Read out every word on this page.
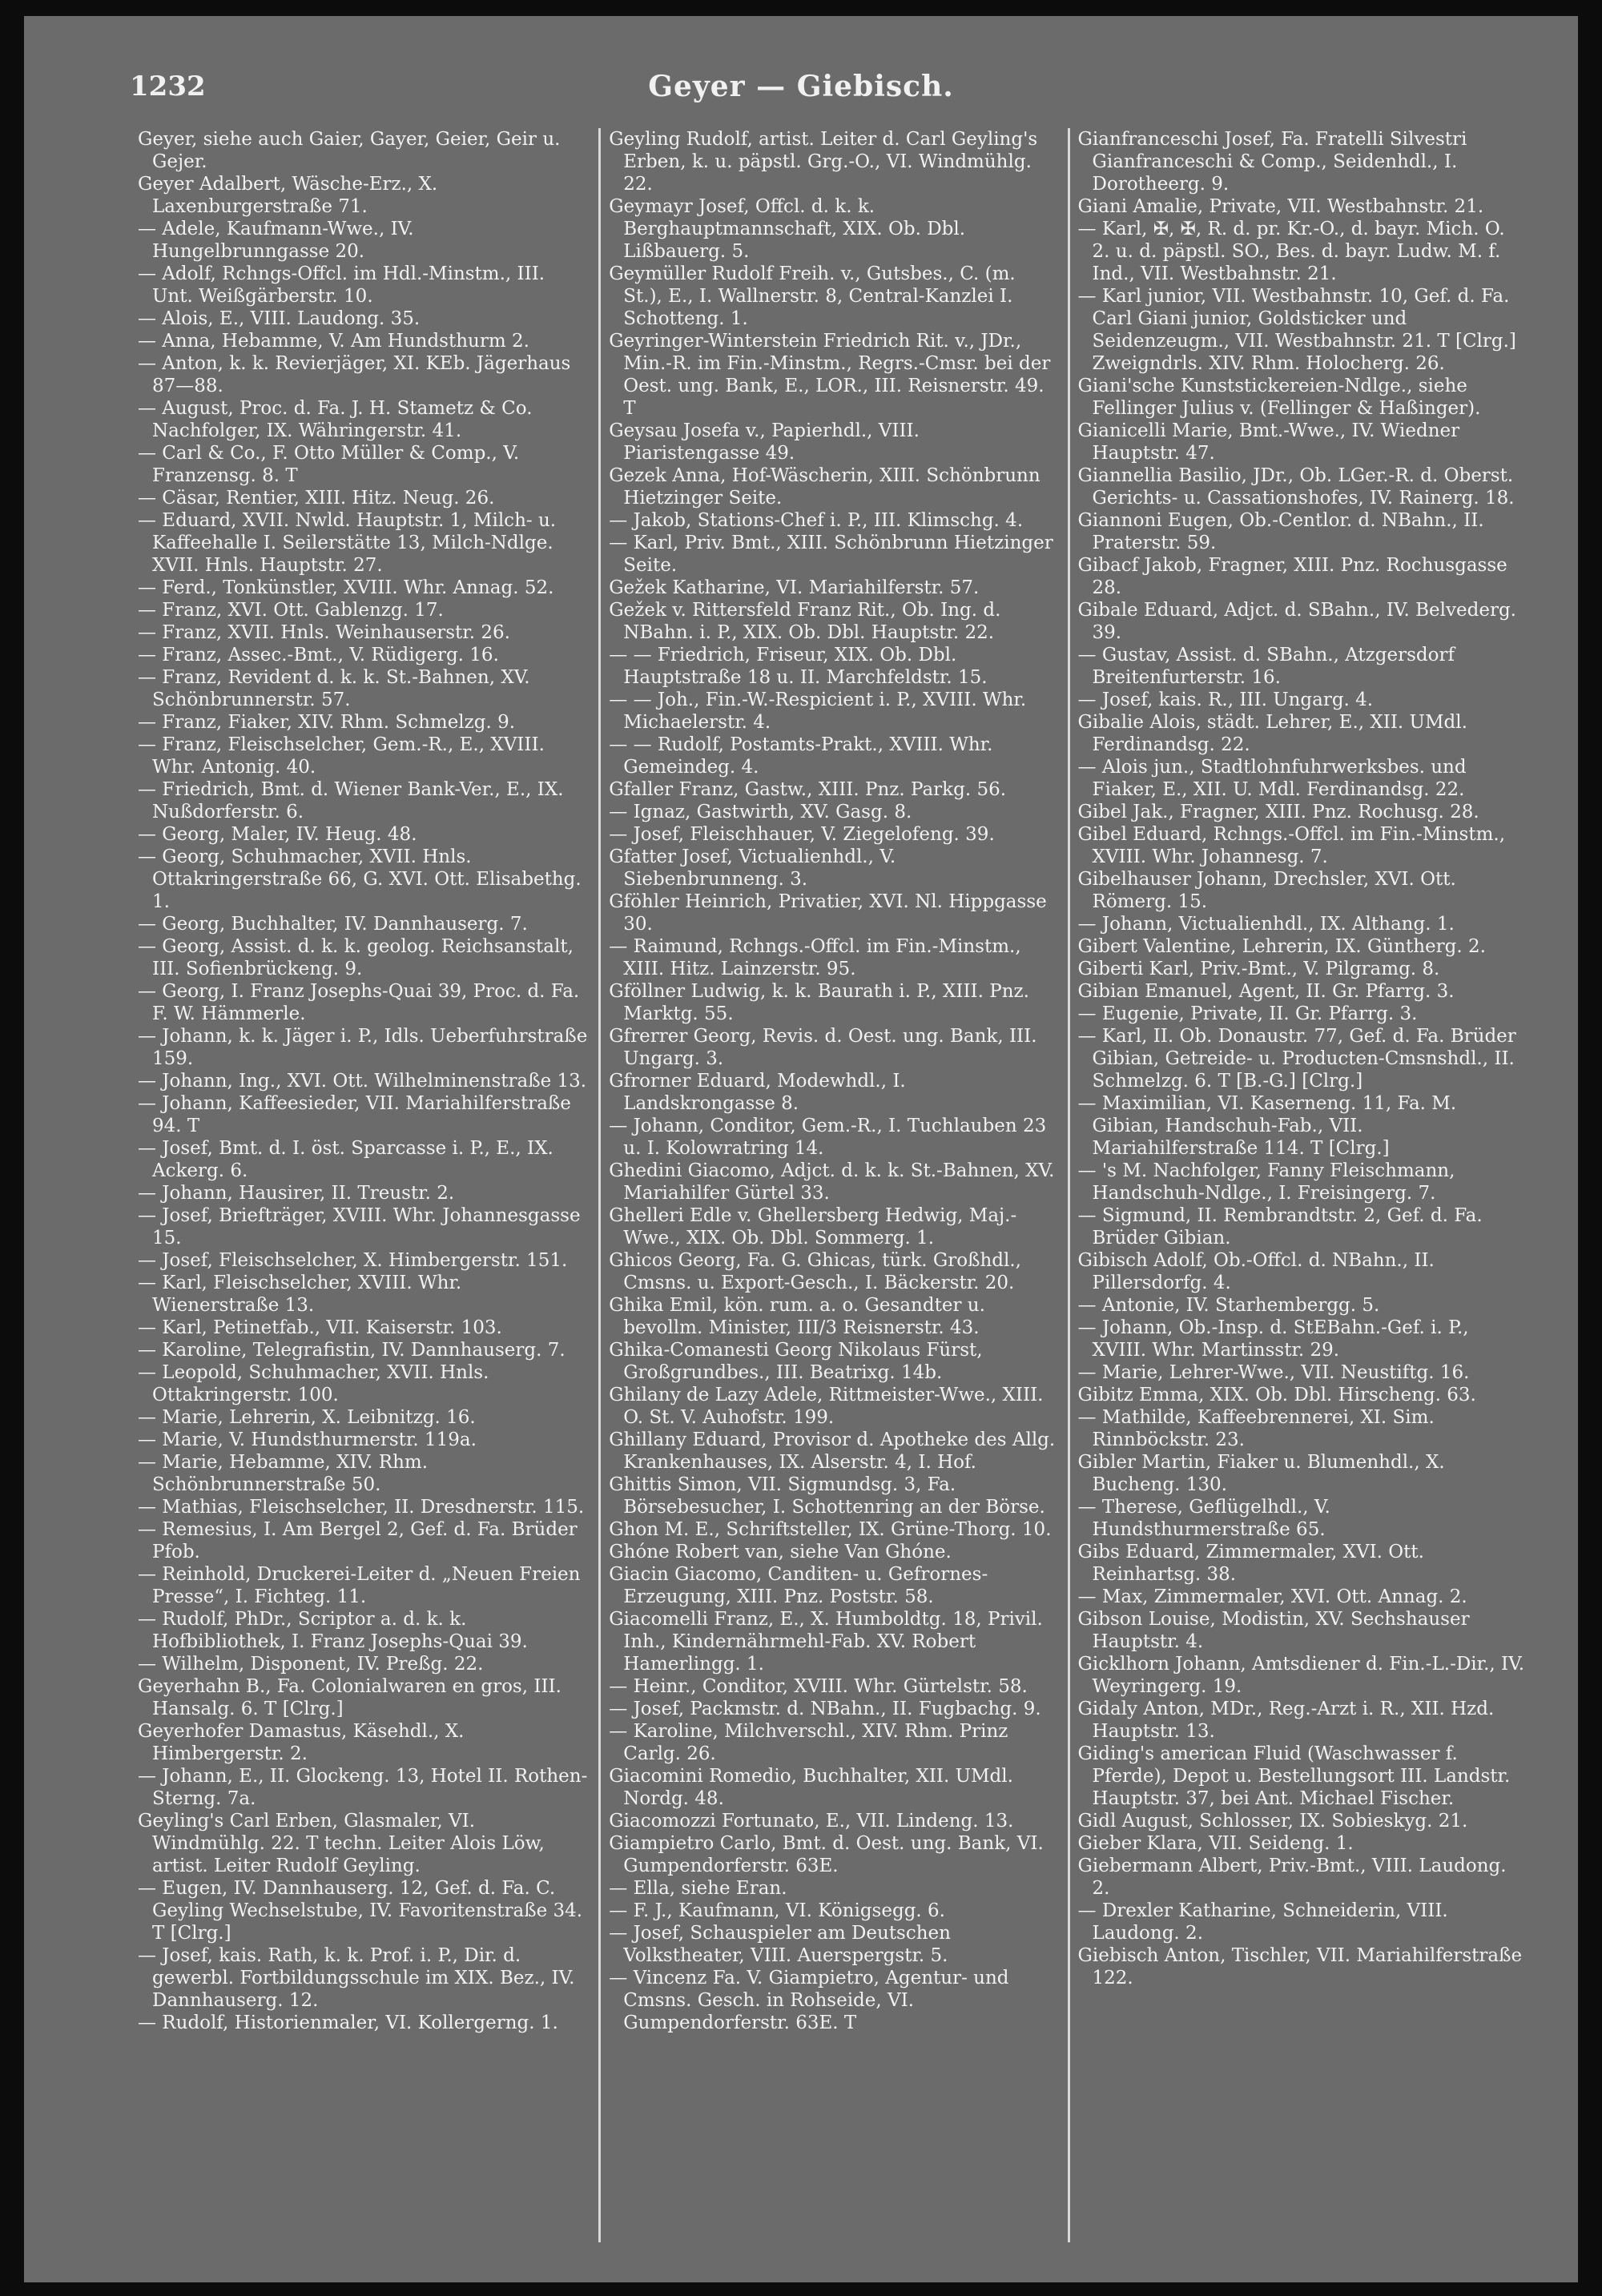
1232	Geyer — Giebisch.

Geyer, siehe auch Gaier, Gayer, Geier, Geir u. Gejer.

Geyer Adalbert, Wäsche-Erz., X. Laxenburgerstraße 71.

— Adele, Kaufmann-Wwe., IV. Hungelbrunngasse 20.

— Adolf, Rchngs-Offcl. im Hdl.-Minstm., III. Unt. Weißgärberstr. 10.

— Alois, E., VIII. Laudong. 35.

— Anna, Hebamme, V. Am Hundsthurm 2.

— Anton, k. k. Revierjäger, XI. KEb. Jägerhaus 87—88.

— August, Proc. d. Fa. J. H. Stametz & Co. Nachfolger, IX. Währingerstr. 41.

— Carl & Co., F. Otto Müller & Comp., V. Franzensg. 8. T

— Cäsar, Rentier, XIII. Hitz. Neug. 26.

— Eduard, XVII. Nwld. Hauptstr. 1, Milch- u. Kaffeehalle I. Seilerstätte 13, Milch-Ndlge. XVII. Hnls. Hauptstr. 27.

— Ferd., Tonkünstler, XVIII. Whr. Annag. 52.

— Franz, XVI. Ott. Gablenzg. 17.

— Franz, XVII. Hnls. Weinhauserstr. 26.

— Franz, Assec.-Bmt., V. Rüdigerg. 16.

— Franz, Revident d. k. k. St.-Bahnen, XV. Schönbrunnerstr. 57.

— Franz, Fiaker, XIV. Rhm. Schmelzg. 9.

— Franz, Fleischselcher, Gem.-R., E., XVIII. Whr. Antonig. 40.

— Friedrich, Bmt. d. Wiener Bank-Ver., E., IX. Nußdorferstr. 6.

— Georg, Maler, IV. Heug. 48.

— Georg, Schuhmacher, XVII. Hnls. Ottakringerstraße 66, G. XVI. Ott. Elisabethg. 1.

— Georg, Buchhalter, IV. Dannhauserg. 7.

— Georg, Assist. d. k. k. geolog. Reichsanstalt, III. Sofienbrückeng. 9.

— Georg, I. Franz Josephs-Quai 39, Proc. d. Fa. F. W. Hämmerle.

— Johann, k. k. Jäger i. P., Idls. Ueberfuhrstraße 159.

— Johann, Ing., XVI. Ott. Wilhelminenstraße 13.

— Johann, Kaffeesieder, VII. Mariahilferstraße 94. T

— Josef, Bmt. d. I. öst. Sparcasse i. P., E., IX. Ackerg. 6.

— Johann, Hausirer, II. Treustr. 2.

— Josef, Briefträger, XVIII. Whr. Johannesgasse 15.

— Josef, Fleischselcher, X. Himbergerstr. 151.

— Karl, Fleischselcher, XVIII. Whr. Wienerstraße 13.

— Karl, Petinetfab., VII. Kaiserstr. 103.

— Karoline, Telegrafistin, IV. Dannhauserg. 7.

— Leopold, Schuhmacher, XVII. Hnls. Ottakringerstr. 100.

— Marie, Lehrerin, X. Leibnitzg. 16.

— Marie, V. Hundsthurmerstr. 119a.

— Marie, Hebamme, XIV. Rhm. Schönbrunnerstraße 50.

— Mathias, Fleischselcher, II. Dresdnerstr. 115.

— Remesius, I. Am Bergel 2, Gef. d. Fa. Brüder Pfob.

— Reinhold, Druckerei-Leiter d. „Neuen Freien Presse“, I. Fichteg. 11.

— Rudolf, PhDr., Scriptor a. d. k. k. Hofbibliothek, I. Franz Josephs-Quai 39.

— Wilhelm, Disponent, IV. Preßg. 22.

Geyerhahn B., Fa. Colonialwaren en gros, III. Hansalg. 6. T [Clrg.]

Geyerhofer Damastus, Käsehdl., X. Himbergerstr. 2.

— Johann, E., II. Glockeng. 13, Hotel II. Rothen-Sterng. 7a.

Geyling's Carl Erben, Glasmaler, VI. Windmühlg. 22. T techn. Leiter Alois Löw, artist. Leiter Rudolf Geyling.

— Eugen, IV. Dannhauserg. 12, Gef. d. Fa. C. Geyling Wechselstube, IV. Favoritenstraße 34. T [Clrg.]

— Josef, kais. Rath, k. k. Prof. i. P., Dir. d. gewerbl. Fortbildungsschule im XIX. Bez., IV. Dannhauserg. 12.

— Rudolf, Historienmaler, VI. Kollergerng. 1.

Geyling Rudolf, artist. Leiter d. Carl Geyling's Erben, k. u. päpstl. Grg.-O., VI. Windmühlg. 22.

Geymayr Josef, Offcl. d. k. k. Berghauptmannschaft, XIX. Ob. Dbl. Lißbauerg. 5.

Geymüller Rudolf Freih. v., Gutsbes., C. (m. St.), E., I. Wallnerstr. 8, Central-Kanzlei I. Schotteng. 1.

Geyringer-Winterstein Friedrich Rit. v., JDr., Min.-R. im Fin.-Minstm., Regrs.-Cmsr. bei der Oest. ung. Bank, E., LOR., III. Reisnerstr. 49. T

Geysau Josefa v., Papierhdl., VIII. Piaristengasse 49.

Gezek Anna, Hof-Wäscherin, XIII. Schönbrunn Hietzinger Seite.

— Jakob, Stations-Chef i. P., III. Klimschg. 4.

— Karl, Priv. Bmt., XIII. Schönbrunn Hietzinger Seite.

Gežek Katharine, VI. Mariahilferstr. 57.

Gežek v. Rittersfeld Franz Rit., Ob. Ing. d. NBahn. i. P., XIX. Ob. Dbl. Hauptstr. 22.

— — Friedrich, Friseur, XIX. Ob. Dbl. Hauptstraße 18 u. II. Marchfeldstr. 15.

— — Joh., Fin.-W.-Respicient i. P., XVIII. Whr. Michaelerstr. 4.

— — Rudolf, Postamts-Prakt., XVIII. Whr. Gemeindeg. 4.

Gfaller Franz, Gastw., XIII. Pnz. Parkg. 56.

— Ignaz, Gastwirth, XV. Gasg. 8.

— Josef, Fleischhauer, V. Ziegelofeng. 39.

Gfatter Josef, Victualienhdl., V. Siebenbrunneng. 3.

Gföhler Heinrich, Privatier, XVI. Nl. Hippgasse 30.

— Raimund, Rchngs.-Offcl. im Fin.-Minstm., XIII. Hitz. Lainzerstr. 95.

Gföllner Ludwig, k. k. Baurath i. P., XIII. Pnz. Marktg. 55.

Gfrerrer Georg, Revis. d. Oest. ung. Bank, III. Ungarg. 3.

Gfrorner Eduard, Modewhdl., I. Landskrongasse 8.

— Johann, Conditor, Gem.-R., I. Tuchlauben 23 u. I. Kolowratring 14.

Ghedini Giacomo, Adjct. d. k. k. St.-Bahnen, XV. Mariahilfer Gürtel 33.

Ghelleri Edle v. Ghellersberg Hedwig, Maj.-Wwe., XIX. Ob. Dbl. Sommerg. 1.

Ghicos Georg, Fa. G. Ghicas, türk. Großhdl., Cmsns. u. Export-Gesch., I. Bäckerstr. 20.

Ghika Emil, kön. rum. a. o. Gesandter u. bevollm. Minister, III/3 Reisnerstr. 43.

Ghika-Comanesti Georg Nikolaus Fürst, Großgrundbes., III. Beatrixg. 14b.

Ghilany de Lazy Adele, Rittmeister-Wwe., XIII. O. St. V. Auhofstr. 199.

Ghillany Eduard, Provisor d. Apotheke des Allg. Krankenhauses, IX. Alserstr. 4, I. Hof.

Ghittis Simon, VII. Sigmundsg. 3, Fa. Börsebesucher, I. Schottenring an der Börse.

Ghon M. E., Schriftsteller, IX. Grüne-Thorg. 10.

Ghóne Robert van, siehe Van Ghóne.

Giacin Giacomo, Canditen- u. Gefrornes-Erzeugung, XIII. Pnz. Poststr. 58.

Giacomelli Franz, E., X. Humboldtg. 18, Privil. Inh., Kindernährmehl-Fab. XV. Robert Hamerlingg. 1.

— Heinr., Conditor, XVIII. Whr. Gürtelstr. 58.

— Josef, Packmstr. d. NBahn., II. Fugbachg. 9.

— Karoline, Milchverschl., XIV. Rhm. Prinz Carlg. 26.

Giacomini Romedio, Buchhalter, XII. UMdl. Nordg. 48.

Giacomozzi Fortunato, E., VII. Lindeng. 13.

Giampietro Carlo, Bmt. d. Oest. ung. Bank, VI. Gumpendorferstr. 63E.

— Ella, siehe Eran.

— F. J., Kaufmann, VI. Königsegg. 6.

— Josef, Schauspieler am Deutschen Volkstheater, VIII. Auerspergstr. 5.

— Vincenz Fa. V. Giampietro, Agentur- und Cmsns. Gesch. in Rohseide, VI. Gumpendorferstr. 63E. T

Gianfranceschi Josef, Fa. Fratelli Silvestri Gianfranceschi & Comp., Seidenhdl., I. Dorotheerg. 9.

Giani Amalie, Private, VII. Westbahnstr. 21.

— Karl, ✠, ✠, R. d. pr. Kr.-O., d. bayr. Mich. O. 2. u. d. päpstl. SO., Bes. d. bayr. Ludw. M. f. Ind., VII. Westbahnstr. 21.

— Karl junior, VII. Westbahnstr. 10, Gef. d. Fa. Carl Giani junior, Goldsticker und Seidenzeugm., VII. Westbahnstr. 21. T [Clrg.] Zweigndrls. XIV. Rhm. Holocherg. 26.

Giani'sche Kunststickereien-Ndlge., siehe Fellinger Julius v. (Fellinger & Haßinger).

Gianicelli Marie, Bmt.-Wwe., IV. Wiedner Hauptstr. 47.

Giannellia Basilio, JDr., Ob. LGer.-R. d. Oberst. Gerichts- u. Cassationshofes, IV. Rainerg. 18.

Giannoni Eugen, Ob.-Centlor. d. NBahn., II. Praterstr. 59.

Gibacf Jakob, Fragner, XIII. Pnz. Rochusgasse 28.

Gibale Eduard, Adjct. d. SBahn., IV. Belvederg. 39.

— Gustav, Assist. d. SBahn., Atzgersdorf Breitenfurterstr. 16.

— Josef, kais. R., III. Ungarg. 4.

Gibalie Alois, städt. Lehrer, E., XII. UMdl. Ferdinandsg. 22.

— Alois jun., Stadtlohnfuhrwerksbes. und Fiaker, E., XII. U. Mdl. Ferdinandsg. 22.

Gibel Jak., Fragner, XIII. Pnz. Rochusg. 28.

Gibel Eduard, Rchngs.-Offcl. im Fin.-Minstm., XVIII. Whr. Johannesg. 7.

Gibelhauser Johann, Drechsler, XVI. Ott. Römerg. 15.

— Johann, Victualienhdl., IX. Althang. 1.

Gibert Valentine, Lehrerin, IX. Güntherg. 2.

Giberti Karl, Priv.-Bmt., V. Pilgramg. 8.

Gibian Emanuel, Agent, II. Gr. Pfarrg. 3.

— Eugenie, Private, II. Gr. Pfarrg. 3.

— Karl, II. Ob. Donaustr. 77, Gef. d. Fa. Brüder Gibian, Getreide- u. Producten-Cmsnshdl., II. Schmelzg. 6. T [B.-G.] [Clrg.]

— Maximilian, VI. Kaserneng. 11, Fa. M. Gibian, Handschuh-Fab., VII. Mariahilferstraße 114. T [Clrg.]

— 's M. Nachfolger, Fanny Fleischmann, Handschuh-Ndlge., I. Freisingerg. 7.

— Sigmund, II. Rembrandtstr. 2, Gef. d. Fa. Brüder Gibian.

Gibisch Adolf, Ob.-Offcl. d. NBahn., II. Pillersdorfg. 4.

— Antonie, IV. Starhembergg. 5.

— Johann, Ob.-Insp. d. StEBahn.-Gef. i. P., XVIII. Whr. Martinsstr. 29.

— Marie, Lehrer-Wwe., VII. Neustiftg. 16.

Gibitz Emma, XIX. Ob. Dbl. Hirscheng. 63.

— Mathilde, Kaffeebrennerei, XI. Sim. Rinnböckstr. 23.

Gibler Martin, Fiaker u. Blumenhdl., X. Bucheng. 130.

— Therese, Geflügelhdl., V. Hundsthurmerstraße 65.

Gibs Eduard, Zimmermaler, XVI. Ott. Reinhartsg. 38.

— Max, Zimmermaler, XVI. Ott. Annag. 2.

Gibson Louise, Modistin, XV. Sechshauser Hauptstr. 4.

Gicklhorn Johann, Amtsdiener d. Fin.-L.-Dir., IV. Weyringerg. 19.

Gidaly Anton, MDr., Reg.-Arzt i. R., XII. Hzd. Hauptstr. 13.

Giding's american Fluid (Waschwasser f. Pferde), Depot u. Bestellungsort III. Landstr. Hauptstr. 37, bei Ant. Michael Fischer.

Gidl August, Schlosser, IX. Sobieskyg. 21.

Gieber Klara, VII. Seideng. 1.

Giebermann Albert, Priv.-Bmt., VIII. Laudong. 2.

— Drexler Katharine, Schneiderin, VIII. Laudong. 2.

Giebisch Anton, Tischler, VII. Mariahilferstraße 122.
